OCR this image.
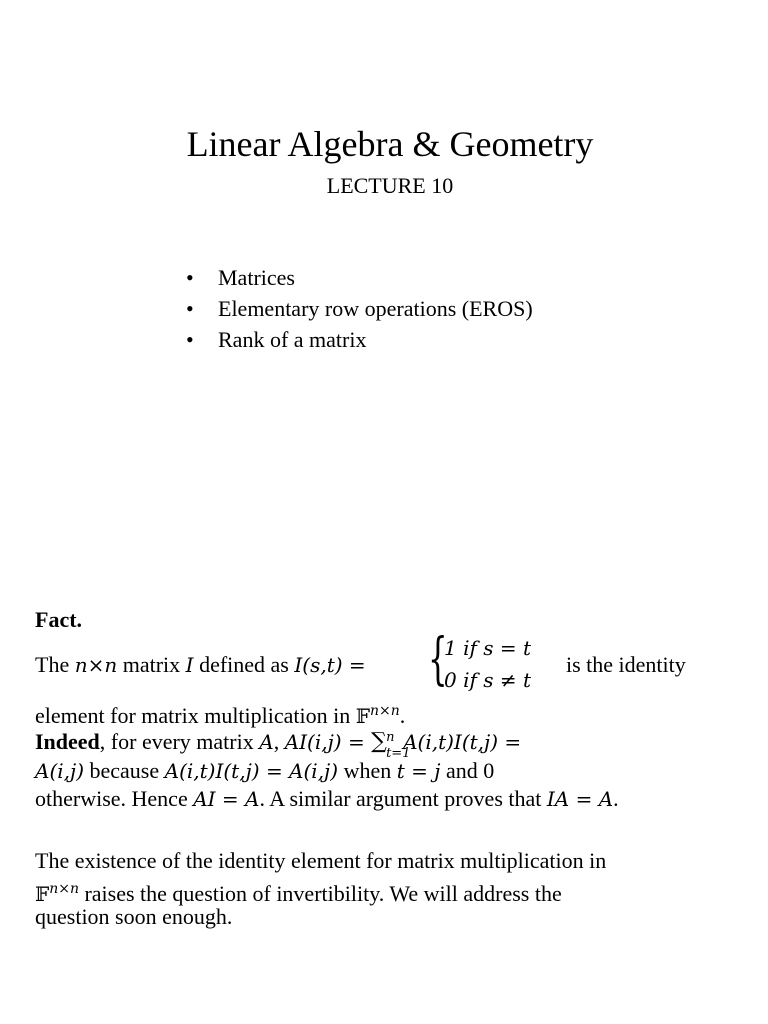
Linear Algebra & Geometry
LECTURE 10
• Matrices
• Elementary row operations (EROS)
• Rank of a matrix
Fact.
The n×n matrix I defined as I(s,t) = {
1 if s = t
0 if s ≠ t
is the identity
element for matrix multiplication in 𝔽$^{n\times n}$.
Indeed, for every matrix A, AI(i,j) = ∑ n
t=1
A(i,t)I(t,j) =
A(i,j) because A(i,t)I(t,j) = A(i,j) when t = j and 0
otherwise. Hence AI = A. A similar argument proves that IA = A.
The existence of the identity element for matrix multiplication in
𝔽$^{n\times n}$ raises the question of invertibility. We will address the
question soon enough.
